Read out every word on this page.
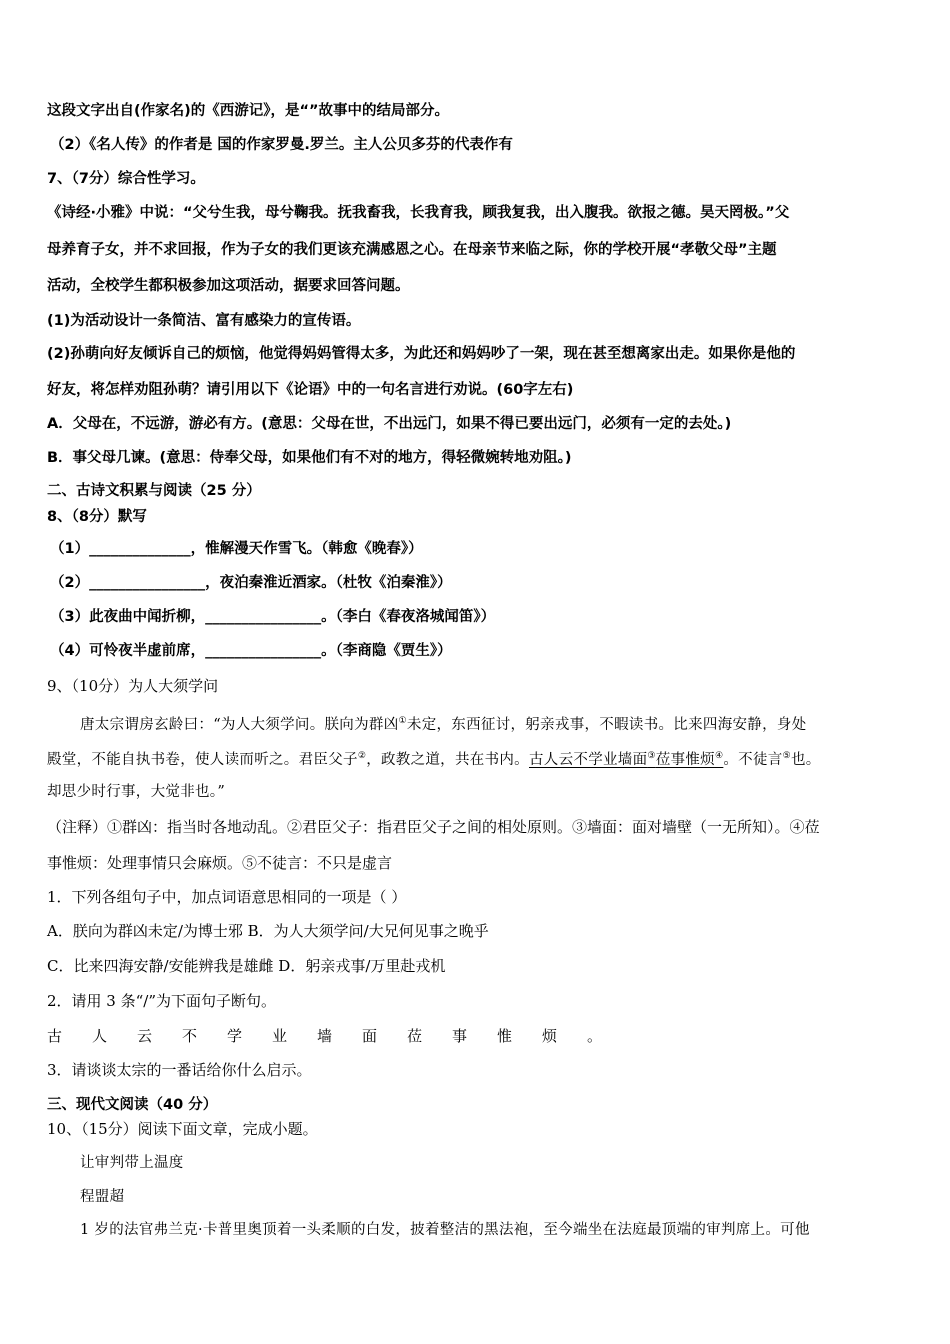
这段文字出自(作家名)的《西游记》，是“”故事中的结局部分。
（2）《名人传》的作者是 国的作家罗曼.罗兰。主人公贝多芬的代表作有
7、（7分）综合性学习。
《诗经·小雅》中说：“父兮生我，母兮鞠我。抚我畜我，长我育我，顾我复我，出入腹我。欲报之德。昊天罔极。”父
母养育子女，并不求回报，作为子女的我们更该充满感恩之心。在母亲节来临之际，你的学校开展“孝敬父母”主题
活动，全校学生都积极参加这项活动，据要求回答问题。
(1)为活动设计一条简洁、富有感染力的宣传语。
(2)孙萌向好友倾诉自己的烦恼，他觉得妈妈管得太多，为此还和妈妈吵了一架，现在甚至想离家出走。如果你是他的
好友，将怎样劝阻孙萌？请引用以下《论语》中的一句名言进行劝说。(60字左右)
A．父母在，不远游，游必有方。(意思：父母在世，不出远门，如果不得已要出远门，必须有一定的去处。)
B．事父母几谏。(意思：侍奉父母，如果他们有不对的地方，得轻微婉转地劝阻。)
二、古诗文积累与阅读（25 分）
8、（8分）默写
（1）______________，惟解漫天作雪飞。（韩愈《晚春》）
（2）________________，夜泊秦淮近酒家。（杜牧《泊秦淮》）
（3）此夜曲中闻折柳，________________。（李白《春夜洛城闻笛》）
（4）可怜夜半虚前席，________________。（李商隐《贾生》）
9、（10分）为人大须学问
唐太宗谓房玄龄曰：“为人大须学问。朕向为群凶①未定，东西征讨，躬亲戎事，不暇读书。比来四海安静，身处
殿堂，不能自执书卷，使人读而听之。君臣父子②，政教之道，共在书内。古人云不学业墙面③莅事惟烦④。不徒言⑤也。
却思少时行事，大觉非也。”
（注释）①群凶：指当时各地动乱。②君臣父子：指君臣父子之间的相处原则。③墙面：面对墙壁（一无所知）。④莅
事惟烦：处理事情只会麻烦。⑤不徒言：不只是虚言
1．下列各组句子中，加点词语意思相同的一项是（ ）
A．朕向为群凶未定/为博士邪 B．为人大须学问/大兄何见事之晚乎
C．比来四海安静/安能辨我是雄雌 D．躬亲戎事/万里赴戎机
2．请用 3 条“/”为下面句子断句。
古人云不学业墙面莅事惟烦。
3．请谈谈太宗的一番话给你什么启示。
三、现代文阅读（40 分）
10、（15分）阅读下面文章，完成小题。
让审判带上温度
程盟超
1 岁的法官弗兰克·卡普里奥顶着一头柔顺的白发，披着整洁的黑法袍，至今端坐在法庭最顶端的审判席上。可他
